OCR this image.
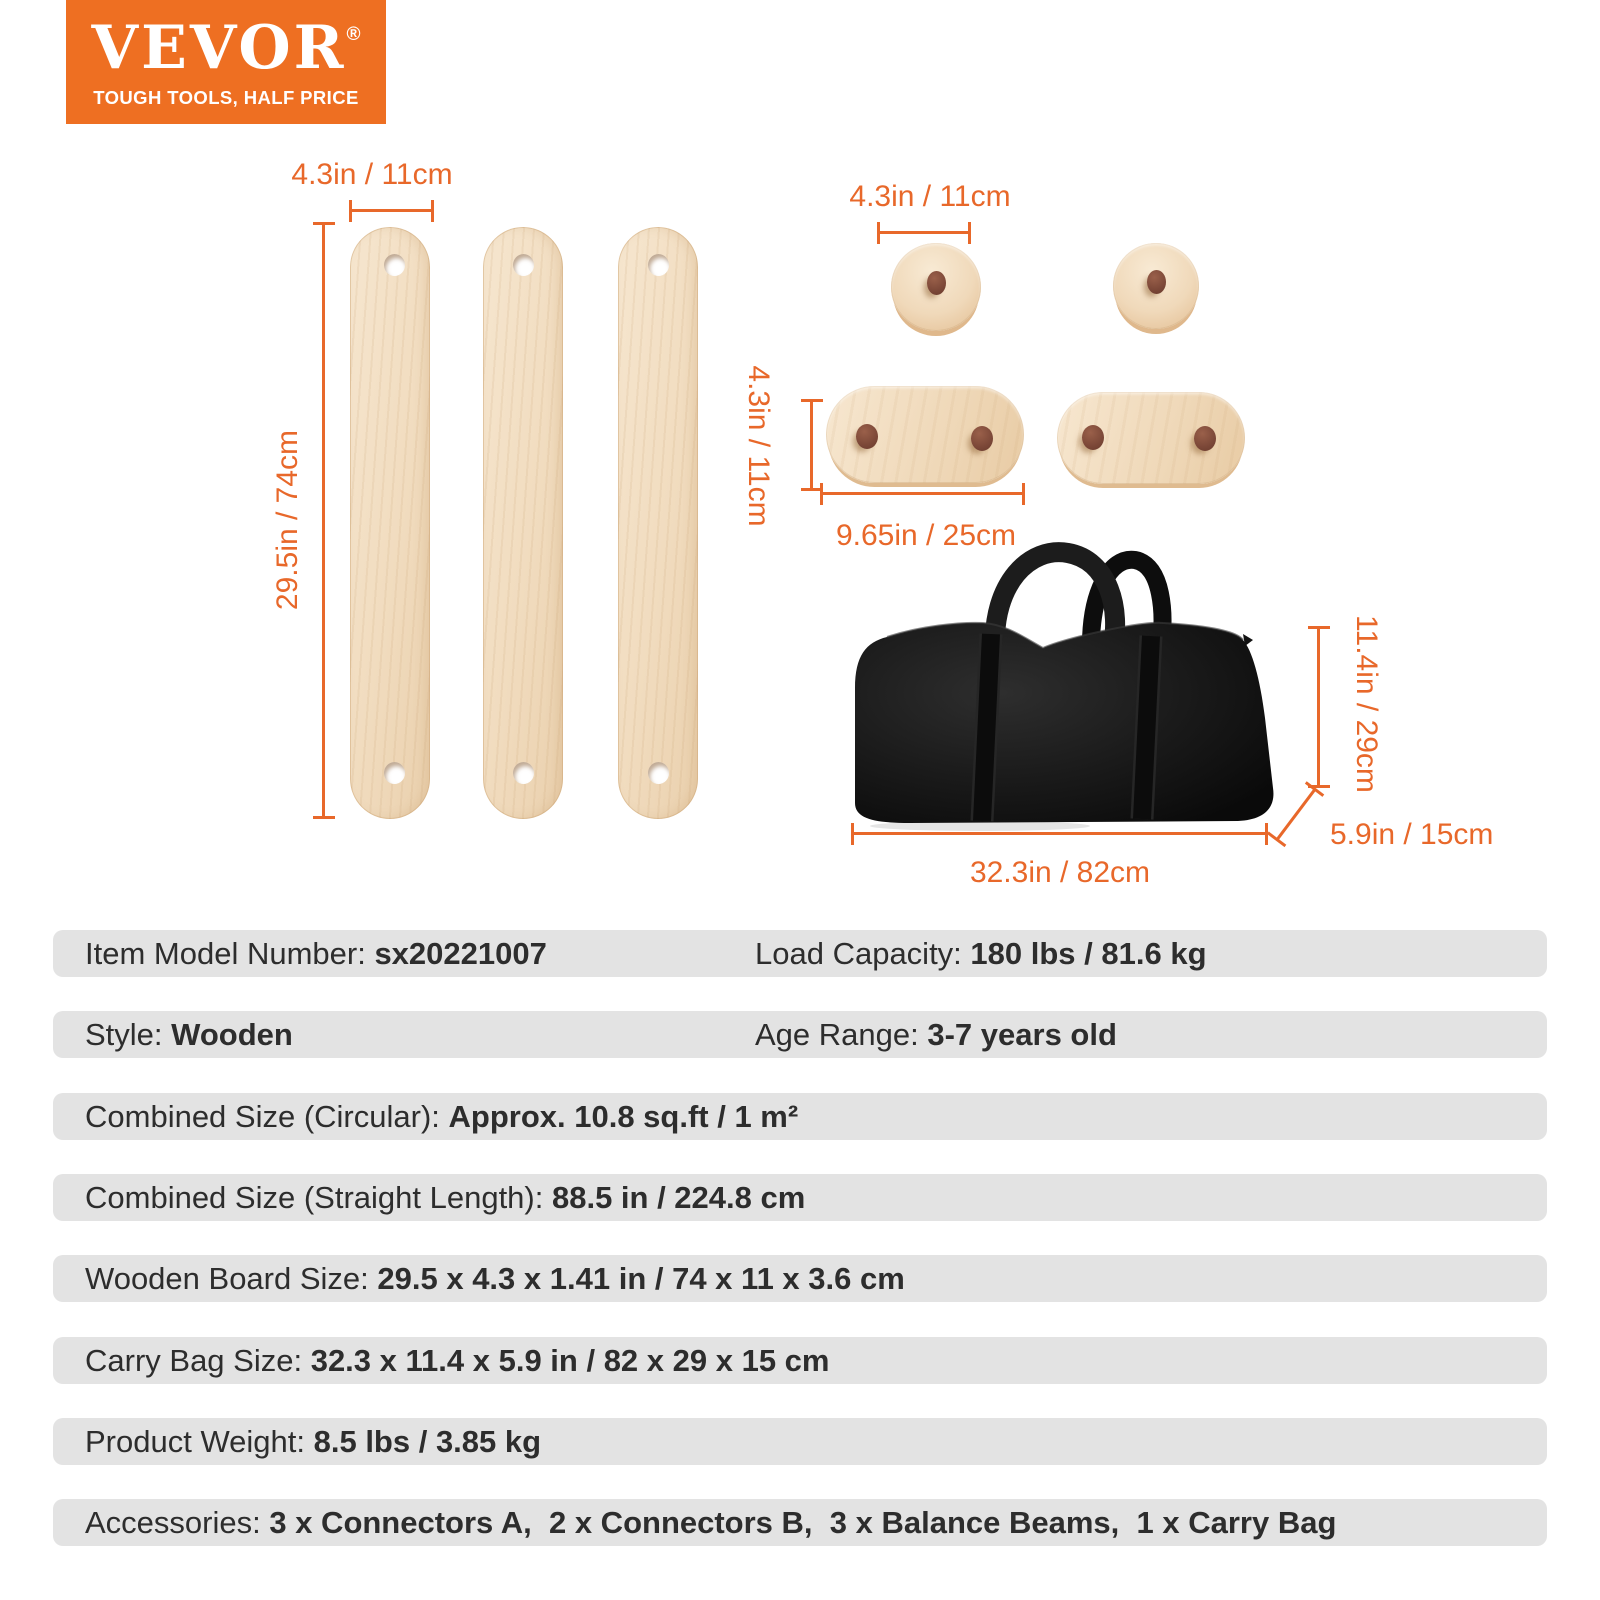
VEVOR®
TOUGH TOOLS, HALF PRICE
4.3in / 11cm
29.5in / 74cm
4.3in / 11cm
4.3in / 11cm
9.65in / 25cm
11.4in / 29cm
5.9in / 15cm
32.3in / 82cm
Item Model Number: sx20221007	Load Capacity: 180 lbs / 81.6 kg
Style: Wooden	Age Range: 3-7 years old
Combined Size (Circular): Approx. 10.8 sq.ft / 1 m²
Combined Size (Straight Length): 88.5 in / 224.8 cm
Wooden Board Size: 29.5 x 4.3 x 1.41 in / 74 x 11 x 3.6 cm
Carry Bag Size: 32.3 x 11.4 x 5.9 in / 82 x 29 x 15 cm
Product Weight: 8.5 lbs / 3.85 kg
Accessories: 3 x Connectors A,  2 x Connectors B,  3 x Balance Beams,  1 x Carry Bag
